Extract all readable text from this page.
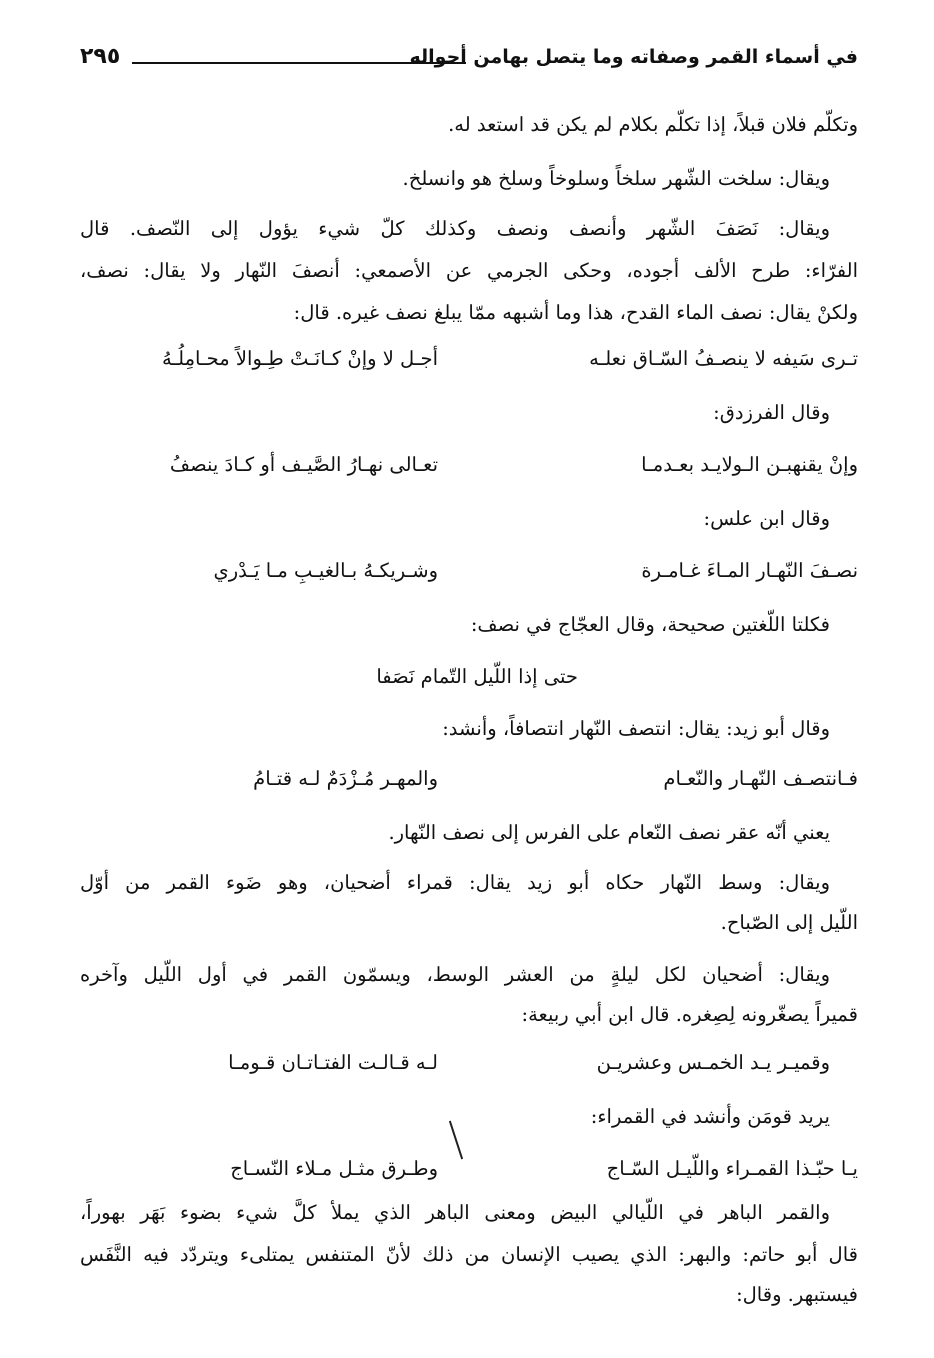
في أسماء القمر وصفاته وما يتصل بهامن أحواله
٢٩٥
وتكلّم فلان قبلاً، إذا تكلّم بكلام لم يكن قد استعد له.
ويقال: سلخت الشّهر سلخاً وسلوخاً وسلخ هو وانسلخ.
ويقال: نَصَفَ الشّهر وأنصف ونصف وكذلك كلّ شيء يؤول إلى النّصف. قال
الفرّاء: طرح الألف أجوده، وحكى الجرمي عن الأصمعي: أنصفَ النّهار ولا يقال: نصف،
ولكنْ يقال: نصف الماء القدح، هذا وما أشبهه ممّا يبلغ نصف غيره. قال:
تـرى سَيفه لا ينصـفُ السّـاق نعلـه
أجـل لا وإنْ كـانَـتْ طِـوالاً محـامِلُـهُ
وقال الفرزدق:
وإنْ يقنهبـن الـولايـد بعـدمـا
تعـالى نهـارُ الصَّيـف أو كـادَ ينصفُ
وقال ابن علس:
نصـفَ النّهـار المـاءَ غـامـرة
وشـريكـهُ بـالغيـبِ مـا يَـدْري
فكلتا اللّغتين صحيحة، وقال العجّاج في نصف:
حتى إذا اللّيل التّمام نَصَفا
وقال أبو زيد: يقال: انتصف النّهار انتصافاً، وأنشد:
فـانتصـف النّهـار والنّعـام
والمهـر مُـزْدَمٌ لـه قتـامُ
يعني أنّه عقر نصف النّعام على الفرس إلى نصف النّهار.
ويقال: وسط النّهار حكاه أبو زيد يقال: قمراء أضحيان، وهو ضَوء القمر من أوّل
اللّيل إلى الصّباح.
ويقال: أضحيان لكل ليلةٍ من العشر الوسط، ويسمّون القمر في أول اللّيل وآخره
قميراً يصغّرونه لِصِغره. قال ابن أبي ربيعة:
وقميـر يـد الخمـس وعشريـن
لـه قـالـت الفتـاتـان قـومـا
يريد قومَن وأنشد في القمراء:
يـا حبّـذا القمـراء واللّيـل السّـاج
وطـرق مثـل مـلاء النّسـاج
والقمر الباهر في اللّيالي البيض ومعنى الباهر الذي يملأ كلَّ شيء بضوء بَهَر بهوراً،
قال أبو حاتم: والبهر: الذي يصيب الإنسان من ذلك لأنّ المتنفس يمتلىء ويتردّد فيه النَّفَس
فيستبهر. وقال:
